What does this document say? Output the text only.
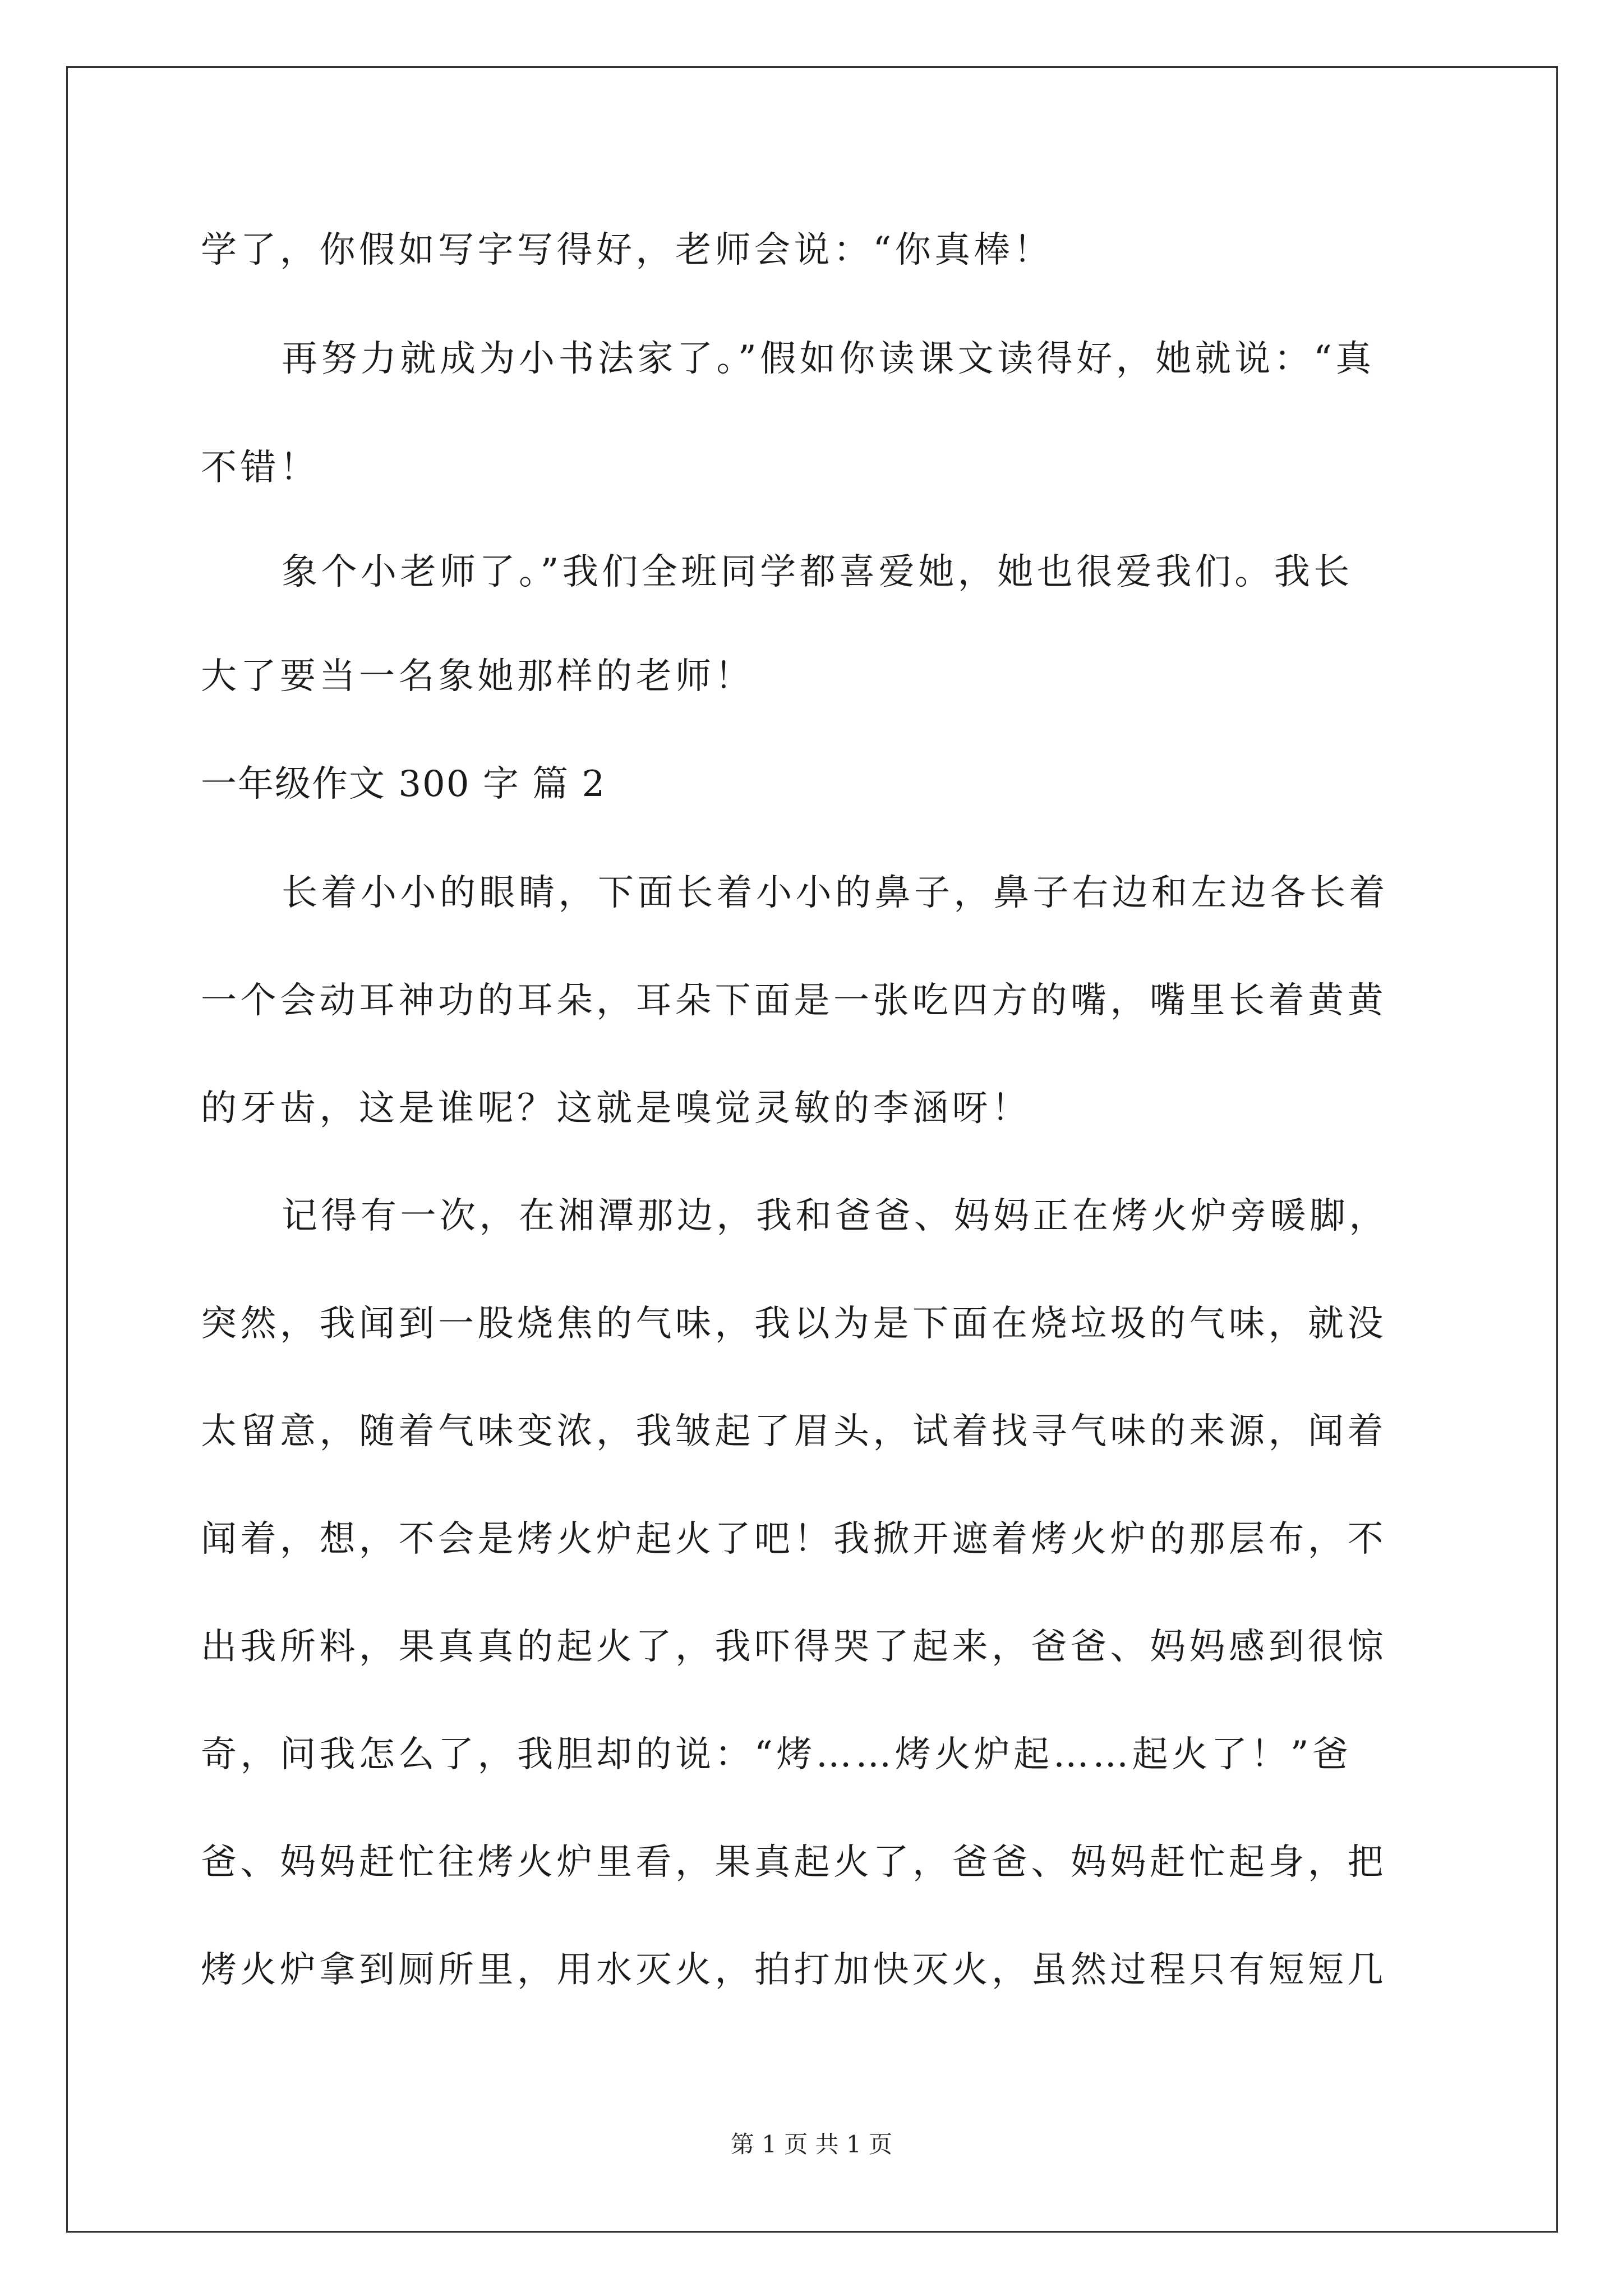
学了，你假如写字写得好，老师会说：“你真棒！
再努力就成为小书法家了。”假如你读课文读得好，她就说：“真
不错！
象个小老师了。”我们全班同学都喜爱她，她也很爱我们。我长
大了要当一名象她那样的老师！
一年级作文 300 字 篇 2
长着小小的眼睛，下面长着小小的鼻子，鼻子右边和左边各长着
一个会动耳神功的耳朵，耳朵下面是一张吃四方的嘴，嘴里长着黄黄
的牙齿，这是谁呢？这就是嗅觉灵敏的李涵呀！
记得有一次，在湘潭那边，我和爸爸、妈妈正在烤火炉旁暖脚，
突然，我闻到一股烧焦的气味，我以为是下面在烧垃圾的气味，就没
太留意，随着气味变浓，我皱起了眉头，试着找寻气味的来源，闻着
闻着，想，不会是烤火炉起火了吧！我掀开遮着烤火炉的那层布，不
出我所料，果真真的起火了，我吓得哭了起来，爸爸、妈妈感到很惊
奇，问我怎么了，我胆却的说：“烤……烤火炉起……起火了！”爸
爸、妈妈赶忙往烤火炉里看，果真起火了，爸爸、妈妈赶忙起身，把
烤火炉拿到厕所里，用水灭火，拍打加快灭火，虽然过程只有短短几
第 1 页 共 1 页
